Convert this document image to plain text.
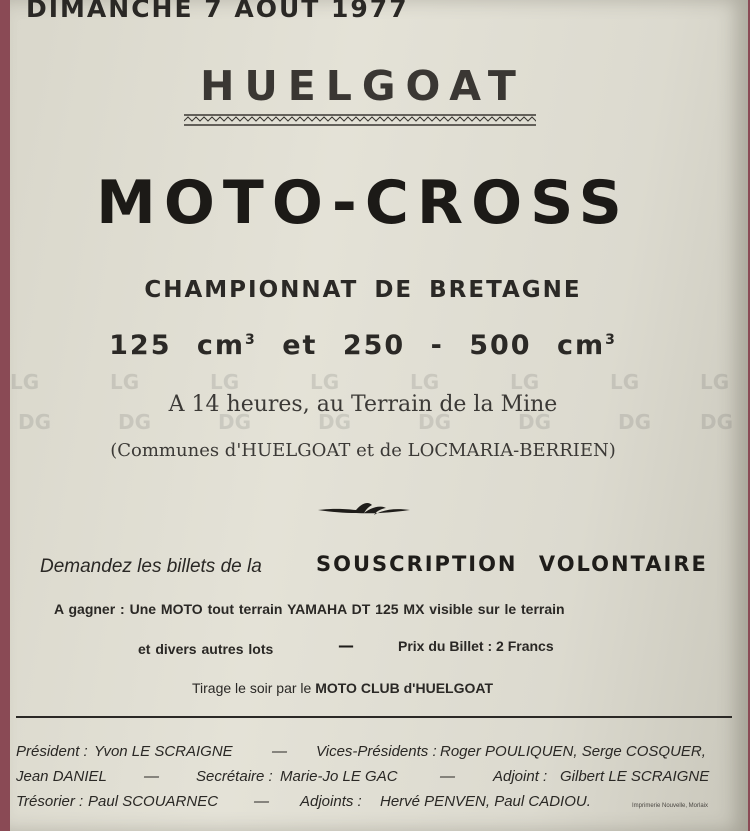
DIMANCHE 7 AOUT 1977
HUELGOAT
MOTO-CROSS
CHAMPIONNAT DE BRETAGNE
125 $cm^3$ et 250 - 500 $cm^3$
LG
DG
LG
DG
LG
DG
LG
DG
LG
DG
LG
DG
LG
DG
LG
DG
A 14 heures, au Terrain de la Mine
(Communes d'HUELGOAT et de LOCMARIA-BERRIEN)
Demandez les billets de la	SOUSCRIPTION VOLONTAIRE
A gagner : Une MOTO tout terrain YAMAHA DT 125 MX visible sur le terrain
et divers autres lots	—	Prix du Billet : 2 Francs
Tirage le soir par le MOTO CLUB d'HUELGOAT
Président : Yvon LE SCRAIGNE	— Vices-Présidents : Roger POULIQUEN, Serge COSQUER,
Jean DANIEL — Secrétaire : Marie-Jo LE GAC	—	Adjoint : Gilbert LE SCRAIGNE
Trésorier : Paul SCOUARNEC — Adjoints : Hervé PENVEN, Paul CADIOU.	Imprimerie Nouvelle, Morlaix
